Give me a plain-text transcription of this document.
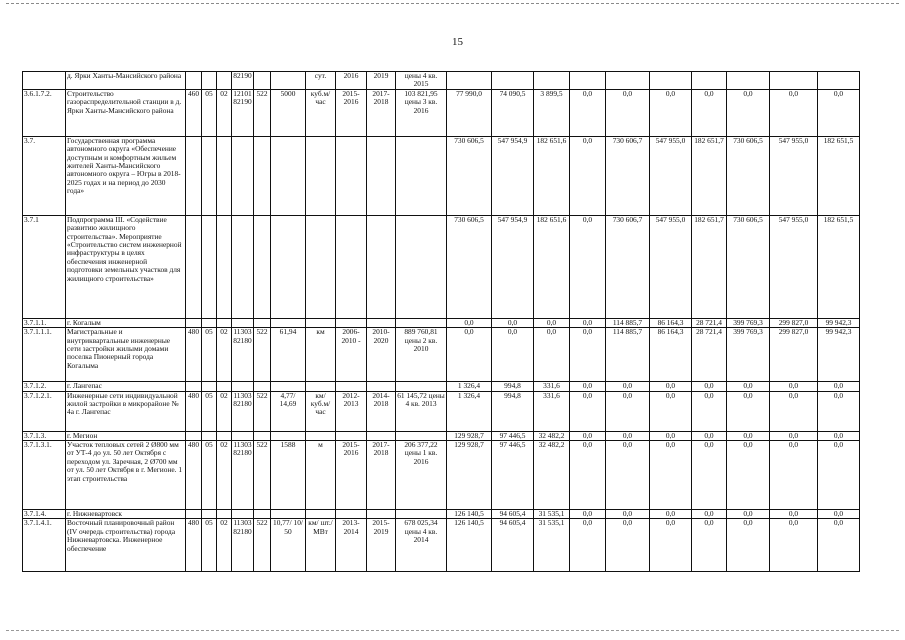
15
	д. Ярки Ханты-Мансийского района				82190			сут.	2016	2019	цены 4 кв. 2015										
3.6.1.7.2.	Строительство газораспределительной станции в д. Ярки Ханты-Мансийского района	460	05	02	12101 82190	522	5000	куб.м/ час	2015-2016	2017-2018	103 821,95 цены 3 кв. 2016	77 990,0	74 090,5	3 899,5	0,0	0,0	0,0	0,0	0,0	0,0	0,0
3.7.	Государственная программа автономного округа «Обеспечение доступным и комфортным жильем жителей Ханты-Мансийского автономного округа – Югры в 2018-2025 годах и на период до 2030 года»											730 606,5	547 954,9	182 651,6	0,0	730 606,7	547 955,0	182 651,7	730 606,5	547 955,0	182 651,5
3.7.1	Подпрограмма III. «Содействие развитию жилищного строительства». Мероприятие «Строительство систем инженерной инфраструктуры в целях обеспечения инженерной подготовки земельных участков для жилищного строительства»											730 606,5	547 954,9	182 651,6	0,0	730 606,7	547 955,0	182 651,7	730 606,5	547 955,0	182 651,5
3.7.1.1.	г. Когалым											0,0	0,0	0,0	0,0	114 885,7	86 164,3	28 721,4	399 769,3	299 827,0	99 942,3
3.7.1.1.1.	Магистральные и внутриквартальные инженерные сети застройки жилыми домами поселка Пионерный города Когалыма	480	05	02	11303 82180	522	61,94	км	2006-2010 -	2010-2020	889 760,81 цены 2 кв. 2010	0,0	0,0	0,0	0,0	114 885,7	86 164,3	28 721,4	399 769,3	299 827,0	99 942,3
3.7.1.2.	г. Лангепас											1 326,4	994,8	331,6	0,0	0,0	0,0	0,0	0,0	0,0	0,0
3.7.1.2.1.	Инженерные сети индивидуальной жилой застройки в микрорайоне № 4а г. Лангепас	480	05	02	11303 82180	522	4,77/ 14,69	км/ куб.м/ час	2012-2013	2014-2018	61 145,72 цены 4 кв. 2013	1 326,4	994,8	331,6	0,0	0,0	0,0	0,0	0,0	0,0	0,0
3.7.1.3.	г. Мегион											129 928,7	97 446,5	32 482,2	0,0	0,0	0,0	0,0	0,0	0,0	0,0
3.7.1.3.1.	Участок тепловых сетей 2 Ø800 мм от УТ-4 до ул. 50 лет Октября с переходом ул. Заречная, 2 Ø700 мм от ул. 50 лет Октября в г. Мегионе. 1 этап строительства	480	05	02	11303 82180	522	1588	м	2015-2016	2017-2018	206 377,22 цены 1 кв. 2016	129 928,7	97 446,5	32 482,2	0,0	0,0	0,0	0,0	0,0	0,0	0,0
3.7.1.4.	г. Нижневартовск											126 140,5	94 605,4	31 535,1	0,0	0,0	0,0	0,0	0,0	0,0	0,0
3.7.1.4.1.	Восточный планировочный район (IV очередь строительства) города Нижневартовска. Инженерное обеспечение	480	05	02	11303 82180	522	10,77/ 10/ 50	км/ шт./ МВт	2013-2014	2015-2019	678 025,34 цены 4 кв. 2014	126 140,5	94 605,4	31 535,1	0,0	0,0	0,0	0,0	0,0	0,0	0,0
